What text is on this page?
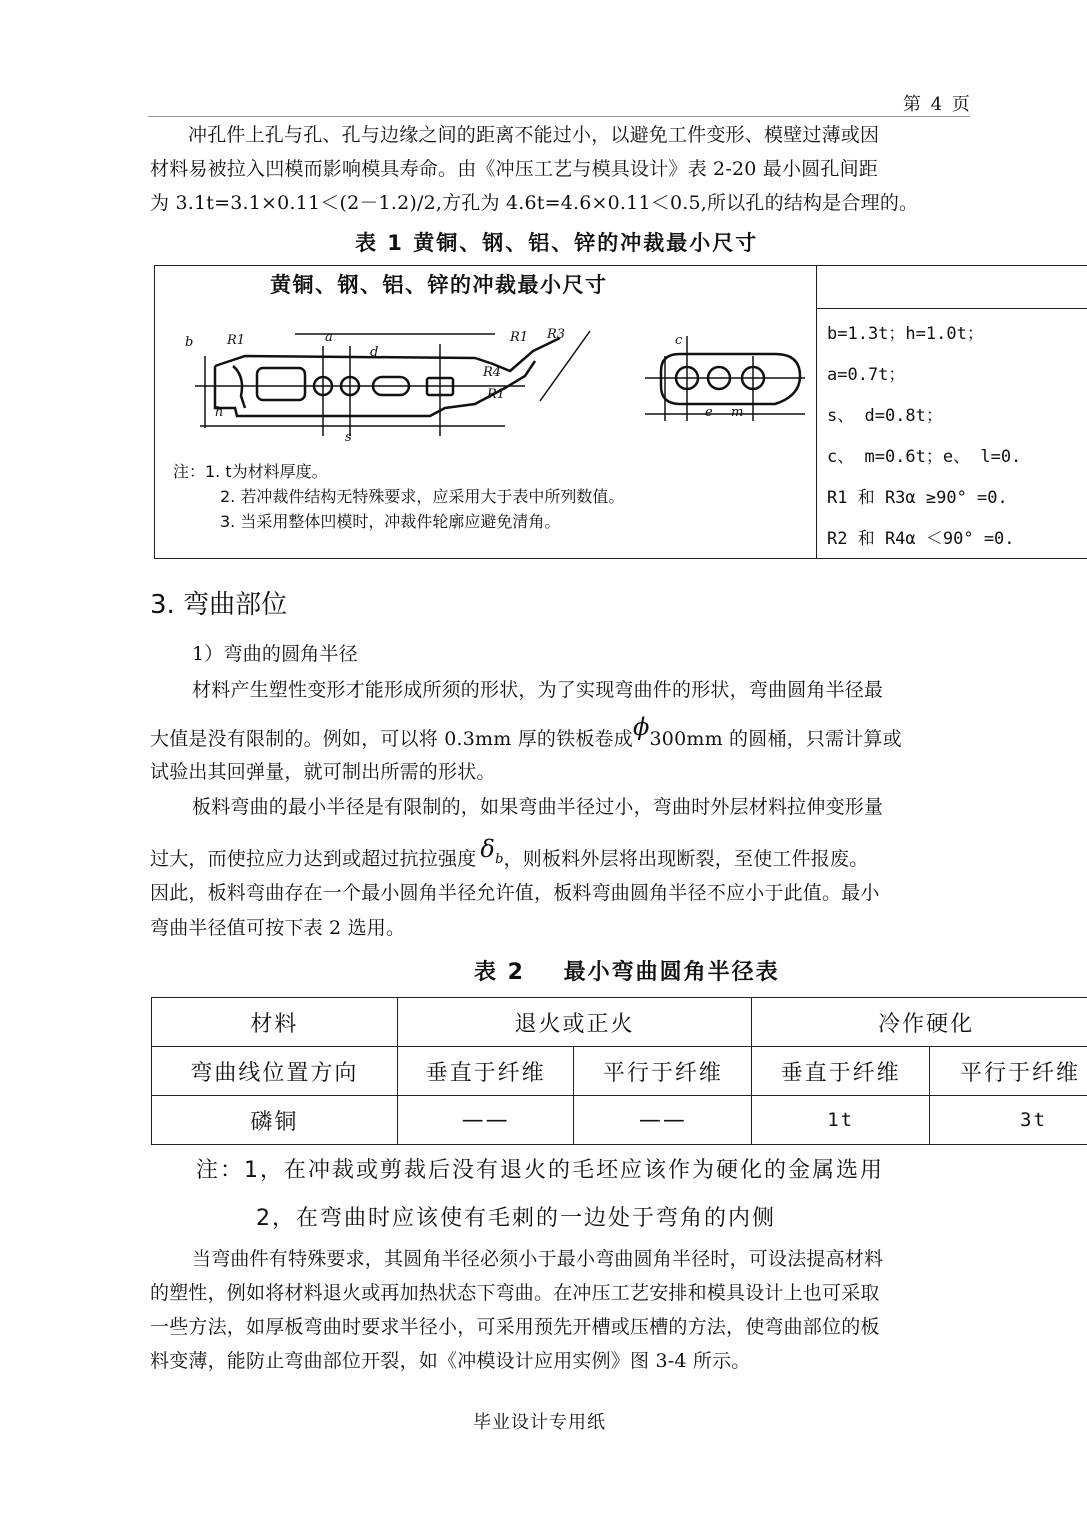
第 4 页
冲孔件上孔与孔、孔与边缘之间的距离不能过小，以避免工件变形、模壁过薄或因
材料易被拉入凹模而影响模具寿命。由《冲压工艺与模具设计》表 2-20 最小圆孔间距
为 3.1t=3.1×0.11＜(2－1.2)/2,方孔为 4.6t=4.6×0.11＜0.5,所以孔的结构是合理的。
表 1 黄铜、钢、铝、锌的冲裁最小尺寸
黄铜、钢、铝、锌的冲裁最小尺寸
b	R1	a
d
h
s
R1 R3
R4
R1
e m
c
注：1. t为材料厚度。
2. 若冲裁件结构无特殊要求，应采用大于表中所列数值。
3. 当采用整体凹模时，冲裁件轮廓应避免清角。
b=1.3t；h=1.0t；
a=0.7t；
s、 d=0.8t；
c、 m=0.6t；e、 l=0.
R1 和 R3α ≥90° =0.
R2 和 R4α ＜90° =0.
3. 弯曲部位
1）弯曲的圆角半径
材料产生塑性变形才能形成所须的形状，为了实现弯曲件的形状，弯曲圆角半径最
大值是没有限制的。例如，可以将 0.3mm 厚的铁板卷成ϕ300mm 的圆桶，只需计算或
试验出其回弹量，就可制出所需的形状。
板料弯曲的最小半径是有限制的，如果弯曲半径过小，弯曲时外层材料拉伸变形量
过大，而使拉应力达到或超过抗拉强度 $\delta_b$，则板料外层将出现断裂，至使工件报废。
因此，板料弯曲存在一个最小圆角半径允许值，板料弯曲圆角半径不应小于此值。最小
弯曲半径值可按下表 2 选用。
表 2    最小弯曲圆角半径表
材料	退火或正火		冷作硬化	
弯曲线位置方向	垂直于纤维	平行于纤维	垂直于纤维	平行于纤维
磷铜	——	——	1t	3t
注：1，在冲裁或剪裁后没有退火的毛坯应该作为硬化的金属选用
2，在弯曲时应该使有毛刺的一边处于弯角的内侧
当弯曲件有特殊要求，其圆角半径必须小于最小弯曲圆角半径时，可设法提高材料
的塑性，例如将材料退火或再加热状态下弯曲。在冲压工艺安排和模具设计上也可采取
一些方法，如厚板弯曲时要求半径小，可采用预先开槽或压槽的方法，使弯曲部位的板
料变薄，能防止弯曲部位开裂，如《冲模设计应用实例》图 3-4 所示。
毕业设计专用纸
